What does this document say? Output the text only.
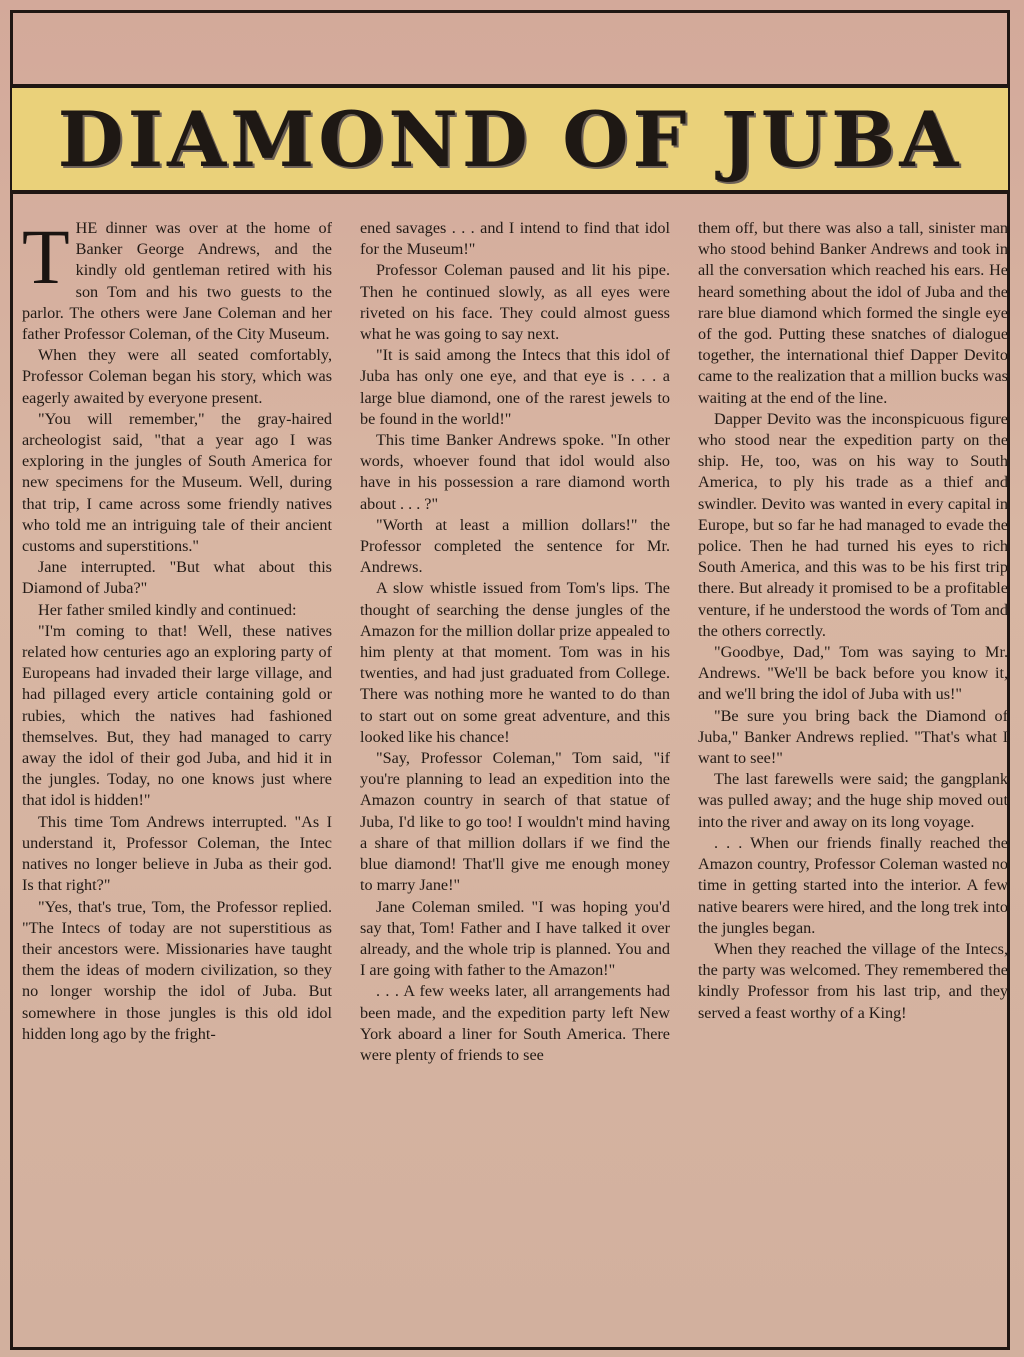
DIAMOND OF JUBA
T HE dinner was over at the home of Banker George Andrews, and the kindly old gentleman retired with his son Tom and his two guests to the parlor. The others were Jane Coleman and her father Professor Coleman, of the City Museum.

When they were all seated comfortably, Professor Coleman began his story, which was eagerly awaited by everyone present.

"You will remember," the gray-haired archeologist said, "that a year ago I was exploring in the jungles of South America for new specimens for the Museum. Well, during that trip, I came across some friendly natives who told me an intriguing tale of their ancient customs and superstitions."

Jane interrupted. "But what about this Diamond of Juba?"

Her father smiled kindly and continued:

"I'm coming to that! Well, these natives related how centuries ago an exploring party of Europeans had invaded their large village, and had pillaged every article containing gold or rubies, which the natives had fashioned themselves. But, they had managed to carry away the idol of their god Juba, and hid it in the jungles. Today, no one knows just where that idol is hidden!"

This time Tom Andrews interrupted. "As I understand it, Professor Coleman, the Intec natives no longer believe in Juba as their god. Is that right?"

"Yes, that's true, Tom, the Professor replied. "The Intecs of today are not superstitious as their ancestors were. Missionaries have taught them the ideas of modern civilization, so they no longer worship the idol of Juba. But somewhere in those jungles is this old idol hidden long ago by the fright-

ened savages . . . and I intend to find that idol for the Museum!"

Professor Coleman paused and lit his pipe. Then he continued slowly, as all eyes were riveted on his face. They could almost guess what he was going to say next.

"It is said among the Intecs that this idol of Juba has only one eye, and that eye is . . . a large blue diamond, one of the rarest jewels to be found in the world!"

This time Banker Andrews spoke. "In other words, whoever found that idol would also have in his possession a rare diamond worth about . . . ?"

"Worth at least a million dollars!" the Professor completed the sentence for Mr. Andrews.

A slow whistle issued from Tom's lips. The thought of searching the dense jungles of the Amazon for the million dollar prize appealed to him plenty at that moment. Tom was in his twenties, and had just graduated from College. There was nothing more he wanted to do than to start out on some great adventure, and this looked like his chance!

"Say, Professor Coleman," Tom said, "if you're planning to lead an expedition into the Amazon country in search of that statue of Juba, I'd like to go too! I wouldn't mind having a share of that million dollars if we find the blue diamond! That'll give me enough money to marry Jane!"

Jane Coleman smiled. "I was hoping you'd say that, Tom! Father and I have talked it over already, and the whole trip is planned. You and I are going with father to the Amazon!"

. . . A few weeks later, all arrangements had been made, and the expedition party left New York aboard a liner for South America. There were plenty of friends to see

them off, but there was also a tall, sinister man who stood behind Banker Andrews and took in all the conversation which reached his ears. He heard something about the idol of Juba and the rare blue diamond which formed the single eye of the god. Putting these snatches of dialogue together, the international thief Dapper Devito came to the realization that a million bucks was waiting at the end of the line.

Dapper Devito was the inconspicuous figure who stood near the expedition party on the ship. He, too, was on his way to South America, to ply his trade as a thief and swindler. Devito was wanted in every capital in Europe, but so far he had managed to evade the police. Then he had turned his eyes to rich South America, and this was to be his first trip there. But already it promised to be a profitable venture, if he understood the words of Tom and the others correctly.

"Goodbye, Dad," Tom was saying to Mr. Andrews. "We'll be back before you know it, and we'll bring the idol of Juba with us!"

"Be sure you bring back the Diamond of Juba," Banker Andrews replied. "That's what I want to see!"

The last farewells were said; the gangplank was pulled away; and the huge ship moved out into the river and away on its long voyage.

. . . When our friends finally reached the Amazon country, Professor Coleman wasted no time in getting started into the interior. A few native bearers were hired, and the long trek into the jungles began.

When they reached the village of the Intecs, the party was welcomed. They remembered the kindly Professor from his last trip, and they served a feast worthy of a King!
